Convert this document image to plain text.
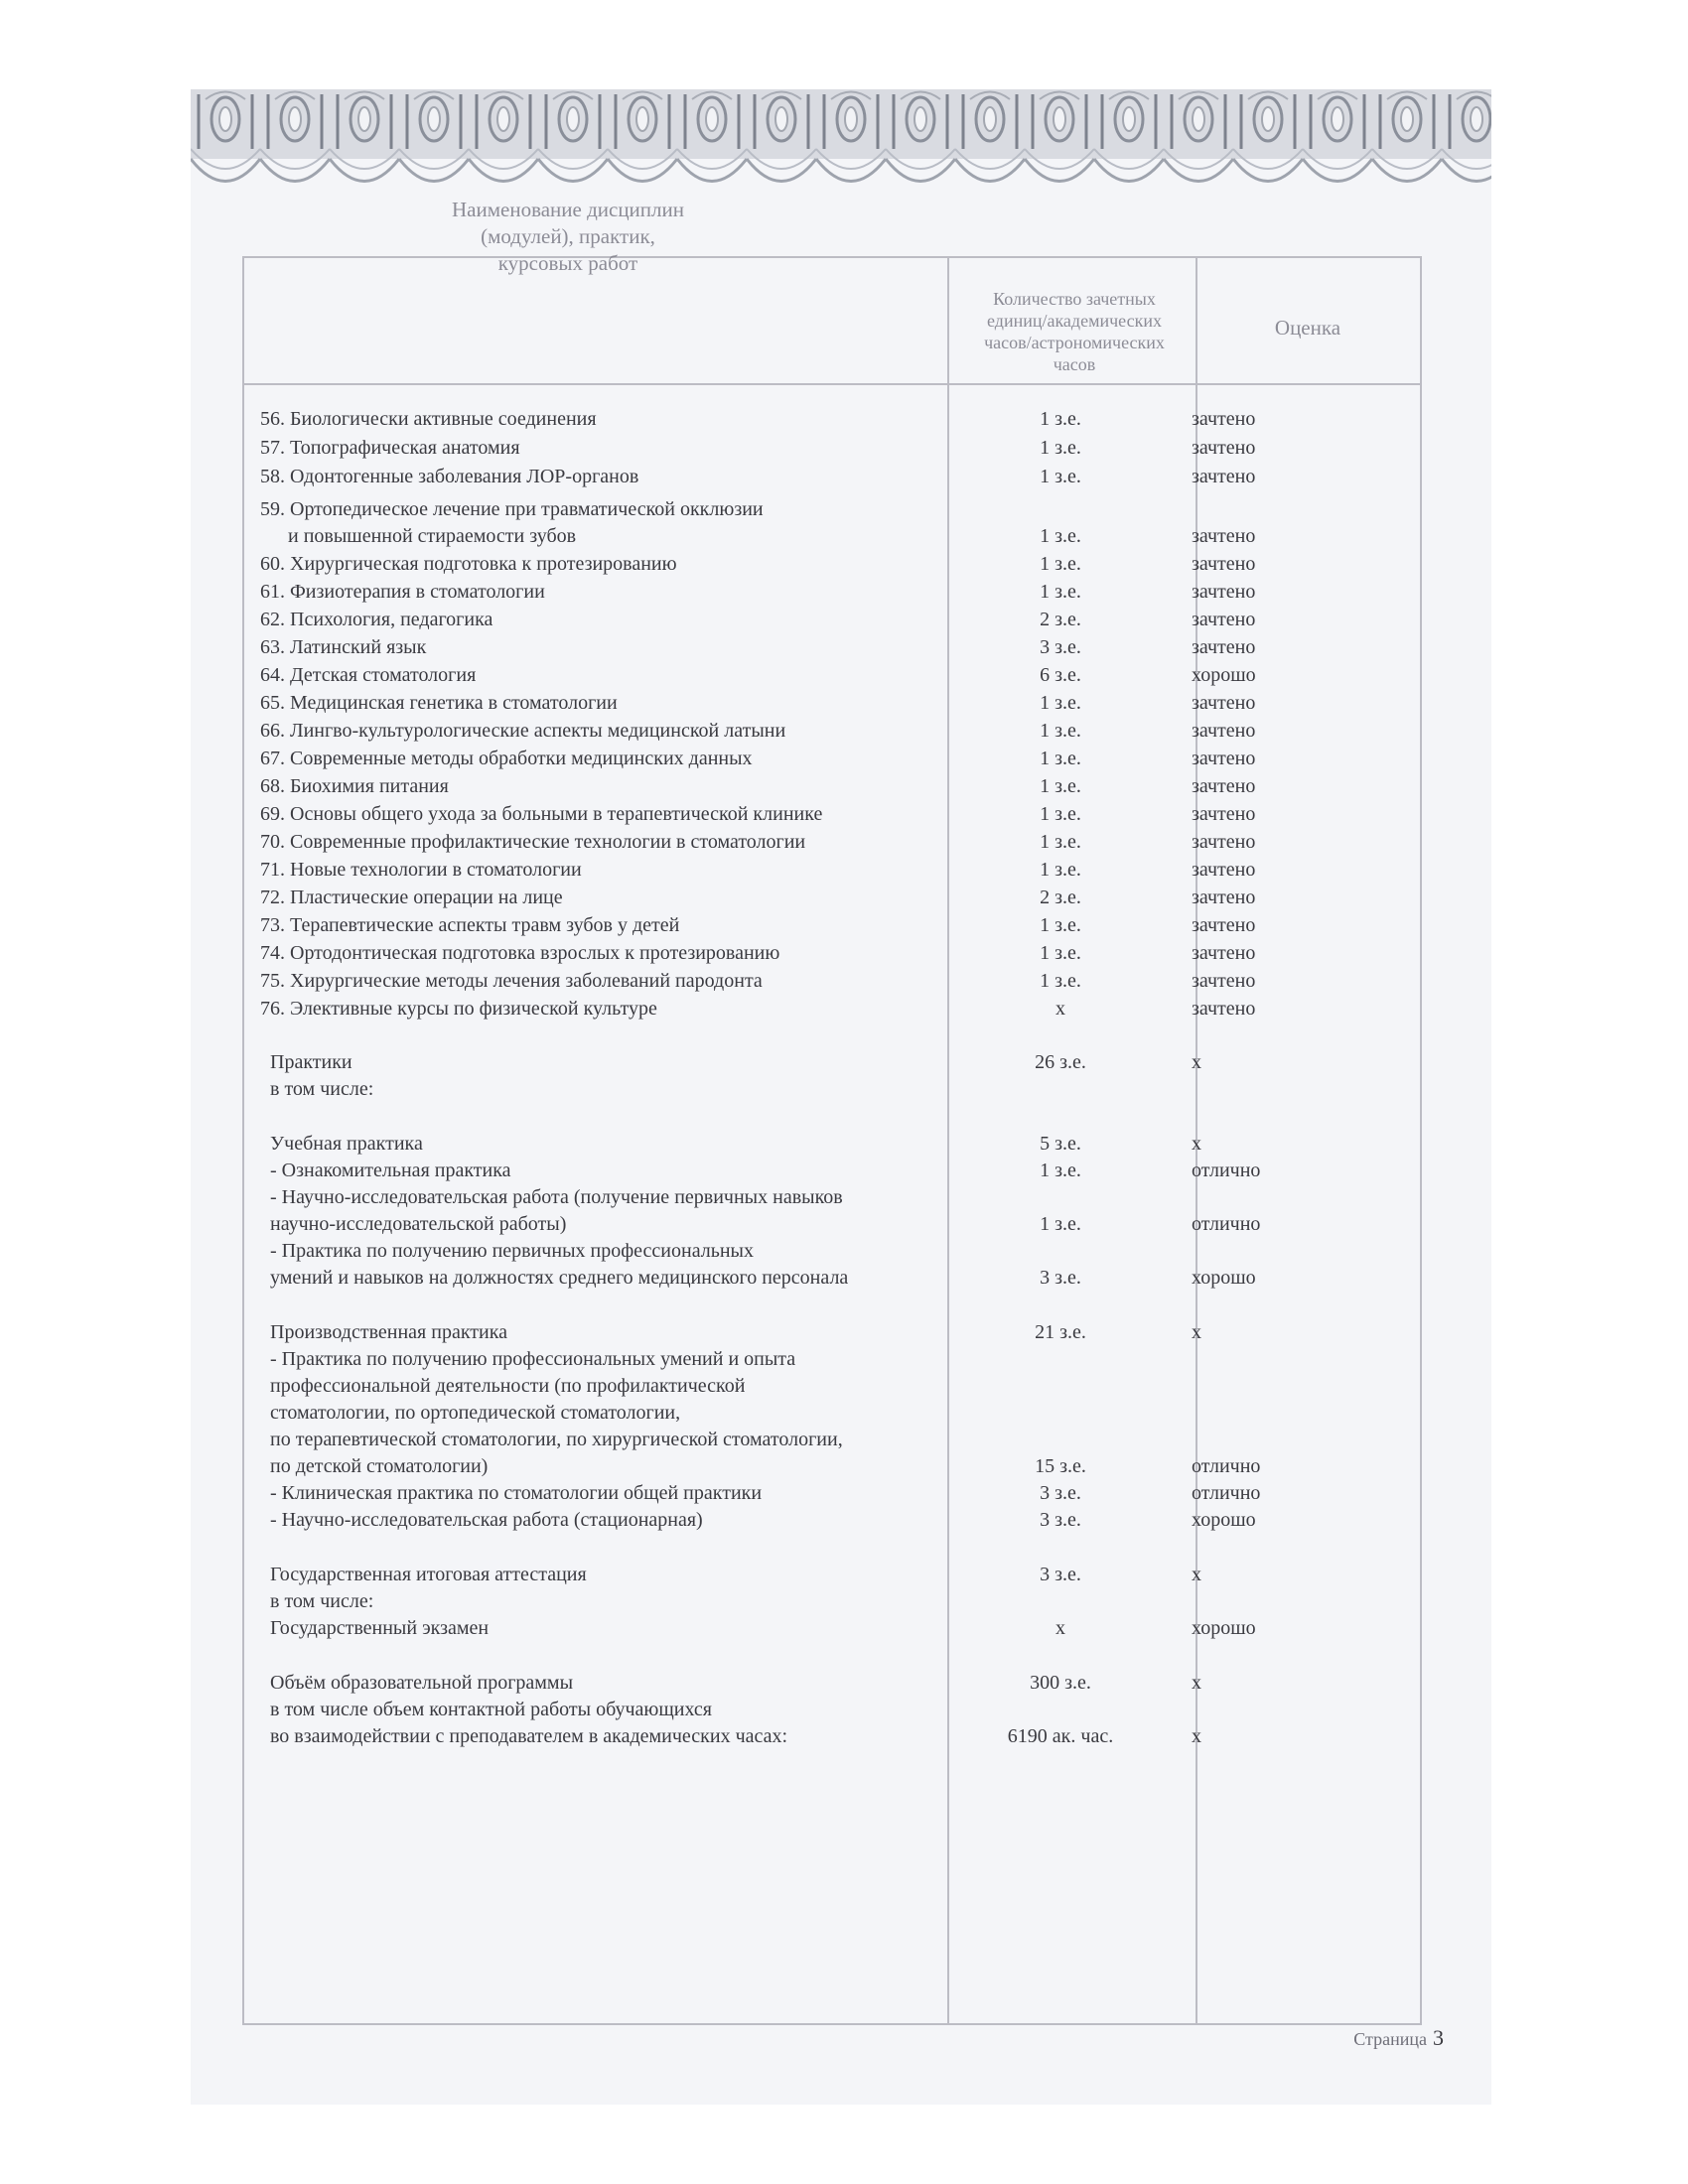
Наименование дисциплин
(модулей), практик,
курсовых работ
Количество зачетных
единиц/академических
часов/астрономических
часов
Оценка
56. Биологически активные соединения	1 з.е.	зачтено
57. Топографическая анатомия	1 з.е.	зачтено
58. Одонтогенные заболевания ЛОР-органов	1 з.е.	зачтено
59. Ортопедическое лечение при травматической окклюзии
и повышенной стираемости зубов	1 з.е.	зачтено
60. Хирургическая подготовка к протезированию	1 з.е.	зачтено
61. Физиотерапия в стоматологии	1 з.е.	зачтено
62. Психология, педагогика	2 з.е.	зачтено
63. Латинский язык	3 з.е.	зачтено
64. Детская стоматология	6 з.е.	хорошо
65. Медицинская генетика в стоматологии	1 з.е.	зачтено
66. Лингво-культурологические аспекты медицинской латыни	1 з.е.	зачтено
67. Современные методы обработки медицинских данных	1 з.е.	зачтено
68. Биохимия питания	1 з.е.	зачтено
69. Основы общего ухода за больными в терапевтической клинике	1 з.е.	зачтено
70. Современные профилактические технологии в стоматологии	1 з.е.	зачтено
71. Новые технологии в стоматологии	1 з.е.	зачтено
72. Пластические операции на лице	2 з.е.	зачтено
73. Терапевтические аспекты травм зубов у детей	1 з.е.	зачтено
74. Ортодонтическая подготовка взрослых к протезированию	1 з.е.	зачтено
75. Хирургические методы лечения заболеваний пародонта	1 з.е.	зачтено
76. Элективные курсы по физической культуре	х	зачтено
Практики	26 з.е.	х
в том числе:
Учебная практика	5 з.е.	х
- Ознакомительная практика	1 з.е.	отлично
- Научно-исследовательская работа (получение первичных навыков
научно-исследовательской работы)	1 з.е.	отлично
- Практика по получению первичных профессиональных
умений и навыков на должностях среднего медицинского персонала	3 з.е.	хорошо
Производственная практика	21 з.е.	х
- Практика по получению профессиональных умений и опыта
профессиональной деятельности (по профилактической
стоматологии, по ортопедической стоматологии,
по терапевтической стоматологии, по хирургической стоматологии,
по детской стоматологии)	15 з.е.	отлично
- Клиническая практика по стоматологии общей практики	3 з.е.	отлично
- Научно-исследовательская работа (стационарная)	3 з.е.	хорошо
Государственная итоговая аттестация	3 з.е.	х
в том числе:
Государственный экзамен	х	хорошо
Объём образовательной программы	300 з.е.	х
в том числе объем контактной работы обучающихся
во взаимодействии с преподавателем в академических часах:	6190 ак. час.	х
Страница 3
